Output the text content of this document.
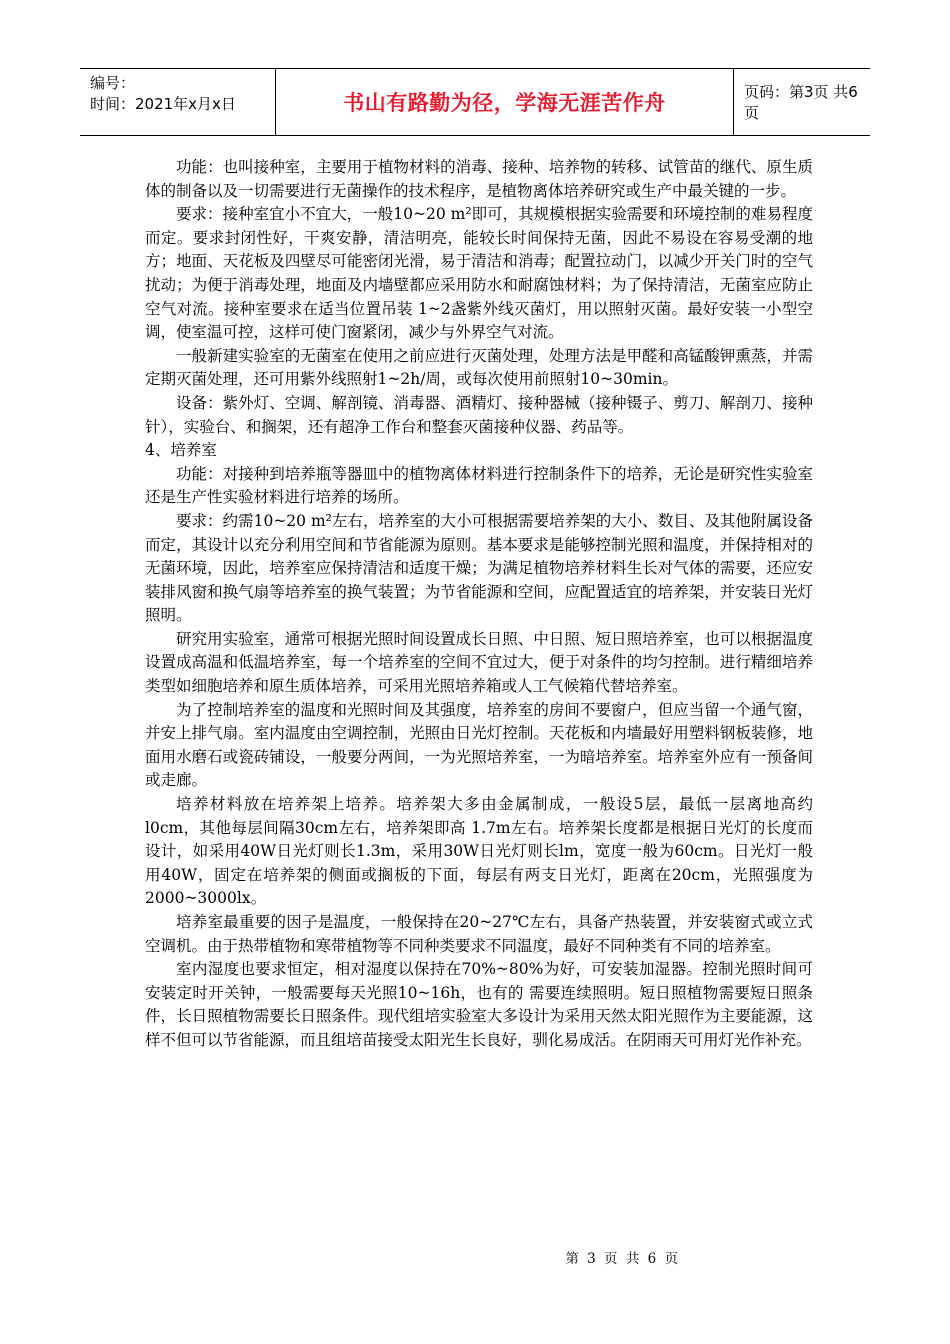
编号：
时间：2021年x月x日	书山有路勤为径，学海无涯苦作舟	页码：第3页 共6页

功能：也叫接种室，主要用于植物材料的消毒、接种、培养物的转移、试管苗的继代、原生质体的制备以及一切需要进行无菌操作的技术程序，是植物离体培养研究或生产中最关键的一步。

要求：接种室宜小不宜大，一般10~20 m²即可，其规模根据实验需要和环境控制的难易程度而定。要求封闭性好，干爽安静，清洁明亮，能较长时间保持无菌，因此不易设在容易受潮的地方；地面、天花板及四壁尽可能密闭光滑，易于清洁和消毒；配置拉动门，以减少开关门时的空气扰动；为便于消毒处理，地面及内墙壁都应采用防水和耐腐蚀材料；为了保持清洁，无菌室应防止空气对流。接种室要求在适当位置吊装 1~2盏紫外线灭菌灯，用以照射灭菌。最好安装一小型空调，使室温可控，这样可使门窗紧闭，减少与外界空气对流。

一般新建实验室的无菌室在使用之前应进行灭菌处理，处理方法是甲醛和高锰酸钾熏蒸，并需定期灭菌处理，还可用紫外线照射1~2h/周，或每次使用前照射10~30min。

设备：紫外灯、空调、解剖镜、消毒器、酒精灯、接种器械（接种镊子、剪刀、解剖刀、接种针），实验台、和搁架，还有超净工作台和整套灭菌接种仪器、药品等。

4、培养室

功能：对接种到培养瓶等器皿中的植物离体材料进行控制条件下的培养，无论是研究性实验室还是生产性实验材料进行培养的场所。

要求：约需10~20 m²左右，培养室的大小可根据需要培养架的大小、数目、及其他附属设备而定，其设计以充分利用空间和节省能源为原则。基本要求是能够控制光照和温度，并保持相对的无菌环境，因此，培养室应保持清洁和适度干燥；为满足植物培养材料生长对气体的需要，还应安装排风窗和换气扇等培养室的换气装置；为节省能源和空间，应配置适宜的培养架，并安装日光灯照明。

研究用实验室，通常可根据光照时间设置成长日照、中日照、短日照培养室，也可以根据温度设置成高温和低温培养室，每一个培养室的空间不宜过大，便于对条件的均匀控制。进行精细培养类型如细胞培养和原生质体培养，可采用光照培养箱或人工气候箱代替培养室。

为了控制培养室的温度和光照时间及其强度，培养室的房间不要窗户，但应当留一个通气窗，并安上排气扇。室内温度由空调控制，光照由日光灯控制。天花板和内墙最好用塑料钢板装修，地面用水磨石或瓷砖铺设，一般要分两间，一为光照培养室，一为暗培养室。培养室外应有一预备间或走廊。

培养材料放在培养架上培养。培养架大多由金属制成，一般设5层，最低一层离地高约l0cm，其他每层间隔30cm左右，培养架即高 1.7m左右。培养架长度都是根据日光灯的长度而设计，如采用40W日光灯则长1.3m，采用30W日光灯则长lm，宽度一般为60cm。日光灯一般用40W，固定在培养架的侧面或搁板的下面，每层有两支日光灯，距离在20cm，光照强度为2000~3000lx。

培养室最重要的因子是温度，一般保持在20~27℃左右，具备产热装置，并安装窗式或立式空调机。由于热带植物和寒带植物等不同种类要求不同温度，最好不同种类有不同的培养室。

室内湿度也要求恒定，相对湿度以保持在70%~80%为好，可安装加湿器。控制光照时间可安装定时开关钟，一般需要每天光照10~16h，也有的 需要连续照明。短日照植物需要短日照条件，长日照植物需要长日照条件。现代组培实验室大多设计为采用天然太阳光照作为主要能源，这样不但可以节省能源，而且组培苗接受太阳光生长良好，驯化易成活。在阴雨天可用灯光作补充。

第 3 页 共 6 页
